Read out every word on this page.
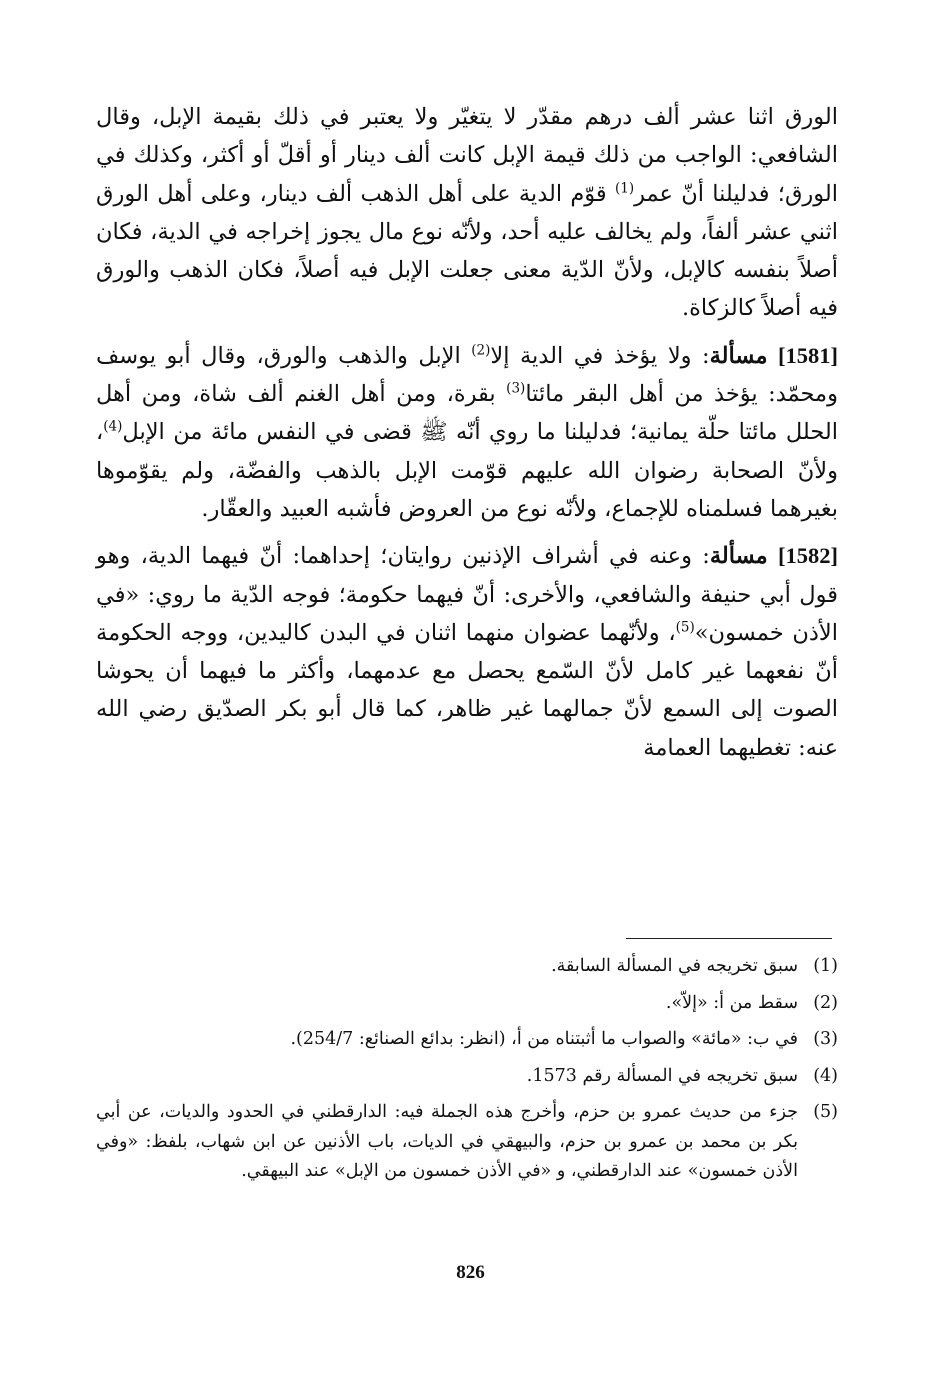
الورق اثنا عشر ألف درهم مقدّر لا يتغيّر ولا يعتبر في ذلك بقيمة الإبل، وقال الشافعي: الواجب من ذلك قيمة الإبل كانت ألف دينار أو أقلّ أو أكثر، وكذلك في الورق؛ فدليلنا أنّ عمر$^{(1)}$ قوّم الدية على أهل الذهب ألف دينار، وعلى أهل الورق اثني عشر ألفاً، ولم يخالف عليه أحد، ولأنّه نوع مال يجوز إخراجه في الدية، فكان أصلاً بنفسه كالإبل، ولأنّ الدّية معنى جعلت الإبل فيه أصلاً، فكان الذهب والورق فيه أصلاً كالزكاة.

[1581] مسألة: ولا يؤخذ في الدية إلا$^{(2)}$ الإبل والذهب والورق، وقال أبو يوسف ومحمّد: يؤخذ من أهل البقر مائتا$^{(3)}$ بقرة، ومن أهل الغنم ألف شاة، ومن أهل الحلل مائتا حلّة يمانية؛ فدليلنا ما روي أنّه ﷺ قضى في النفس مائة من الإبل$^{(4)}$، ولأنّ الصحابة رضوان الله عليهم قوّمت الإبل بالذهب والفضّة، ولم يقوّموها بغيرهما فسلمناه للإجماع، ولأنّه نوع من العروض فأشبه العبيد والعقّار.

[1582] مسألة: وعنه في أشراف الإذنين روايتان؛ إحداهما: أنّ فيهما الدية، وهو قول أبي حنيفة والشافعي، والأخرى: أنّ فيهما حكومة؛ فوجه الدّية ما روي: «في الأذن خمسون»$^{(5)}$، ولأنّهما عضوان منهما اثنان في البدن كاليدين، ووجه الحكومة أنّ نفعهما غير كامل لأنّ السّمع يحصل مع عدمهما، وأكثر ما فيهما أن يحوشا الصوت إلى السمع لأنّ جمالهما غير ظاهر، كما قال أبو بكر الصدّيق رضي الله عنه: تغطيهما العمامة

(1)
سبق تخريجه في المسألة السابقة.
(2)
سقط من أ: «إلاّ».
(3)
في ب: «مائة» والصواب ما أثبتناه من أ، (انظر: بدائع الصنائع: 254/7).
(4)
سبق تخريجه في المسألة رقم 1573.
(5)
جزء من حديث عمرو بن حزم، وأخرج هذه الجملة فيه: الدارقطني في الحدود والديات، عن أبي بكر بن محمد بن عمرو بن حزم، والبيهقي في الديات، باب الأذنين عن ابن شهاب، بلفظ: «وفي الأذن خمسون» عند الدارقطني، و «في الأذن خمسون من الإبل» عند البيهقي.
826
